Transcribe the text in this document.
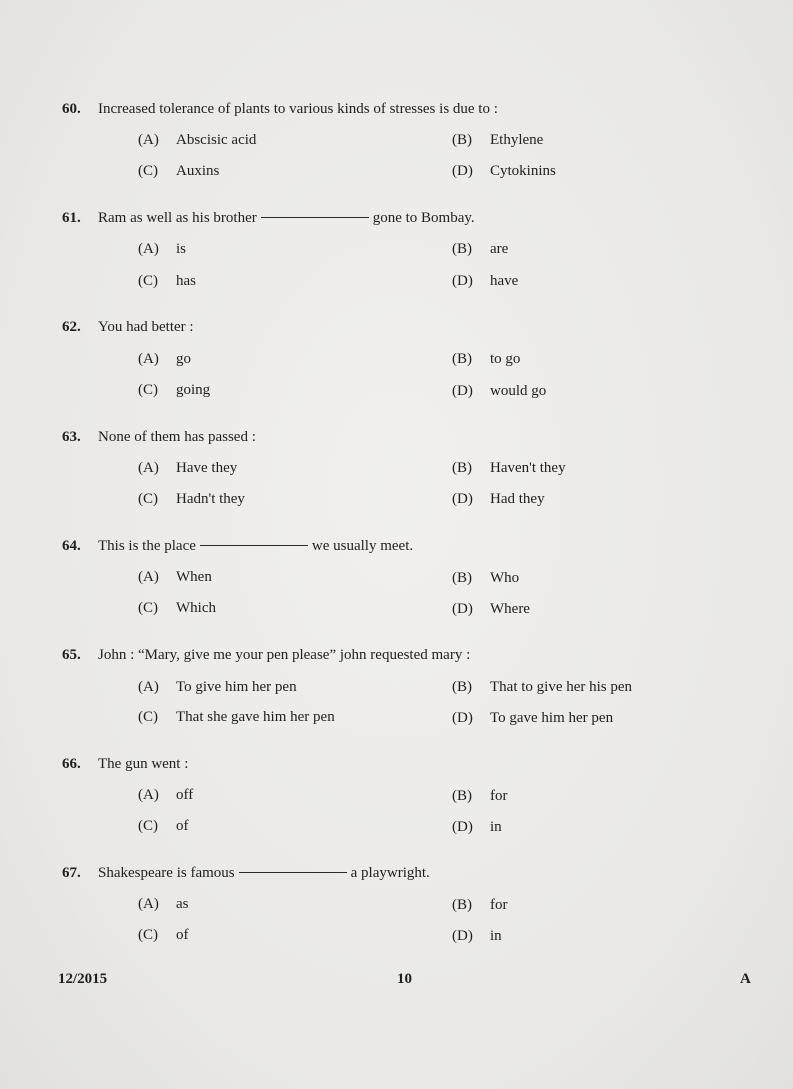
60. Increased tolerance of plants to various kinds of stresses is due to :
(A) Abscisic acid	(B) Ethylene
(C) Auxins	(D) Cytokinins
61. Ram as well as his brother	gone to Bombay.
(A) is	(B) are
(C) has	(D) have
62. You had better :
(A) go	(B) to go
(C) going	(D) would go
63. None of them has passed :
(A) Have they	(B) Haven't they
(C) Hadn't they	(D) Had they
64. This is the place	we usually meet.
(A) When	(B) Who
(C) Which	(D) Where
65. John : “Mary, give me your pen please” john requested mary :
(A) To give him her pen	(B) That to give her his pen
(C) That she gave him her pen	(D) To gave him her pen
66. The gun went :
(A) off	(B) for
(C) of	(D) in
67. Shakespeare is famous	a playwright.
(A) as	(B) for
(C) of	(D) in
12/2015	10	A
